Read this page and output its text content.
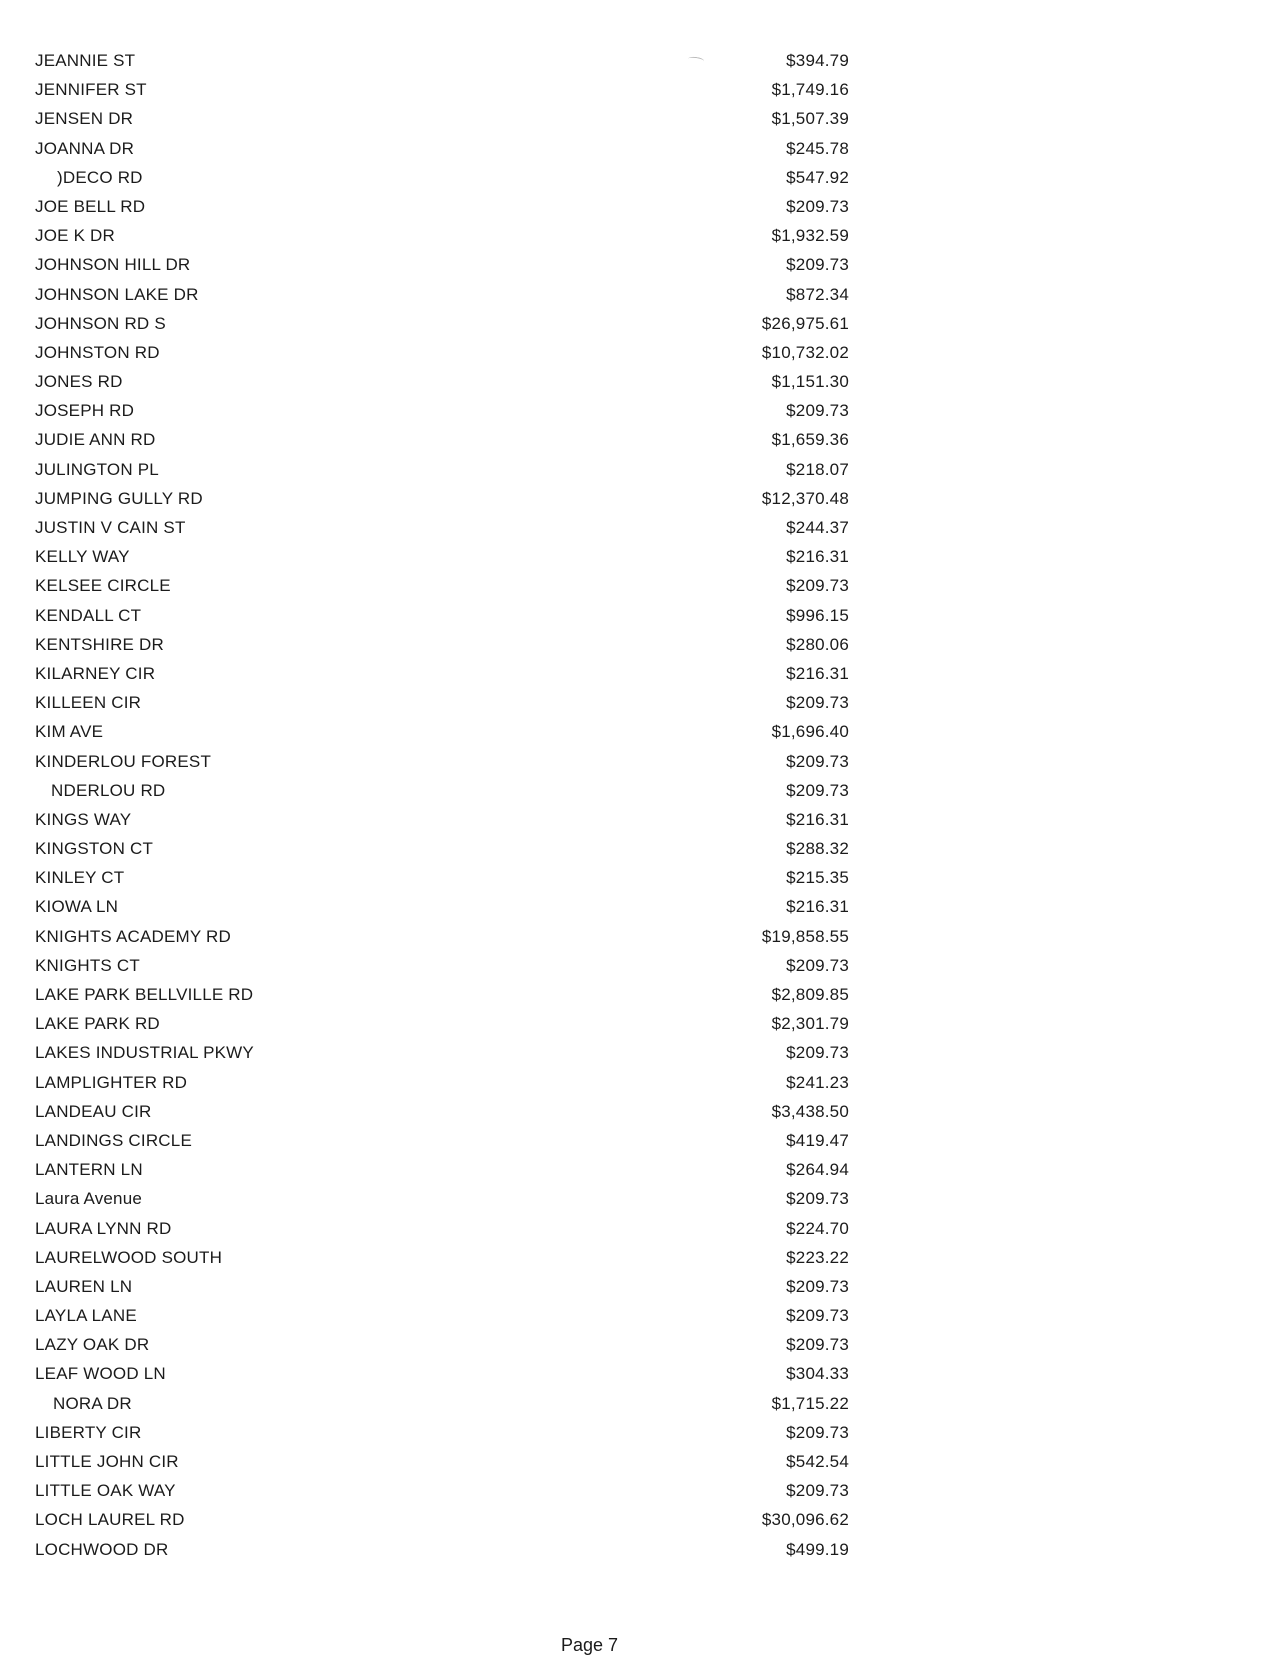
JEANNIE ST	$394.79
JENNIFER ST	$1,749.16
JENSEN DR	$1,507.39
JOANNA DR	$245.78
)DECO RD	$547.92
JOE BELL RD	$209.73
JOE K DR	$1,932.59
JOHNSON HILL DR	$209.73
JOHNSON LAKE DR	$872.34
JOHNSON RD S	$26,975.61
JOHNSTON RD	$10,732.02
JONES RD	$1,151.30
JOSEPH RD	$209.73
JUDIE ANN RD	$1,659.36
JULINGTON PL	$218.07
JUMPING GULLY RD	$12,370.48
JUSTIN V CAIN ST	$244.37
KELLY WAY	$216.31
KELSEE CIRCLE	$209.73
KENDALL CT	$996.15
KENTSHIRE DR	$280.06
KILARNEY CIR	$216.31
KILLEEN CIR	$209.73
KIM AVE	$1,696.40
KINDERLOU FOREST	$209.73
NDERLOU RD	$209.73
KINGS WAY	$216.31
KINGSTON CT	$288.32
KINLEY CT	$215.35
KIOWA LN	$216.31
KNIGHTS ACADEMY RD	$19,858.55
KNIGHTS CT	$209.73
LAKE PARK BELLVILLE RD	$2,809.85
LAKE PARK RD	$2,301.79
LAKES INDUSTRIAL PKWY	$209.73
LAMPLIGHTER RD	$241.23
LANDEAU CIR	$3,438.50
LANDINGS CIRCLE	$419.47
LANTERN LN	$264.94
Laura Avenue	$209.73
LAURA LYNN RD	$224.70
LAURELWOOD SOUTH	$223.22
LAUREN LN	$209.73
LAYLA LANE	$209.73
LAZY OAK DR	$209.73
LEAF WOOD LN	$304.33
NORA DR	$1,715.22
LIBERTY CIR	$209.73
LITTLE JOHN CIR	$542.54
LITTLE OAK WAY	$209.73
LOCH LAUREL RD	$30,096.62
LOCHWOOD DR	$499.19
Page 7
